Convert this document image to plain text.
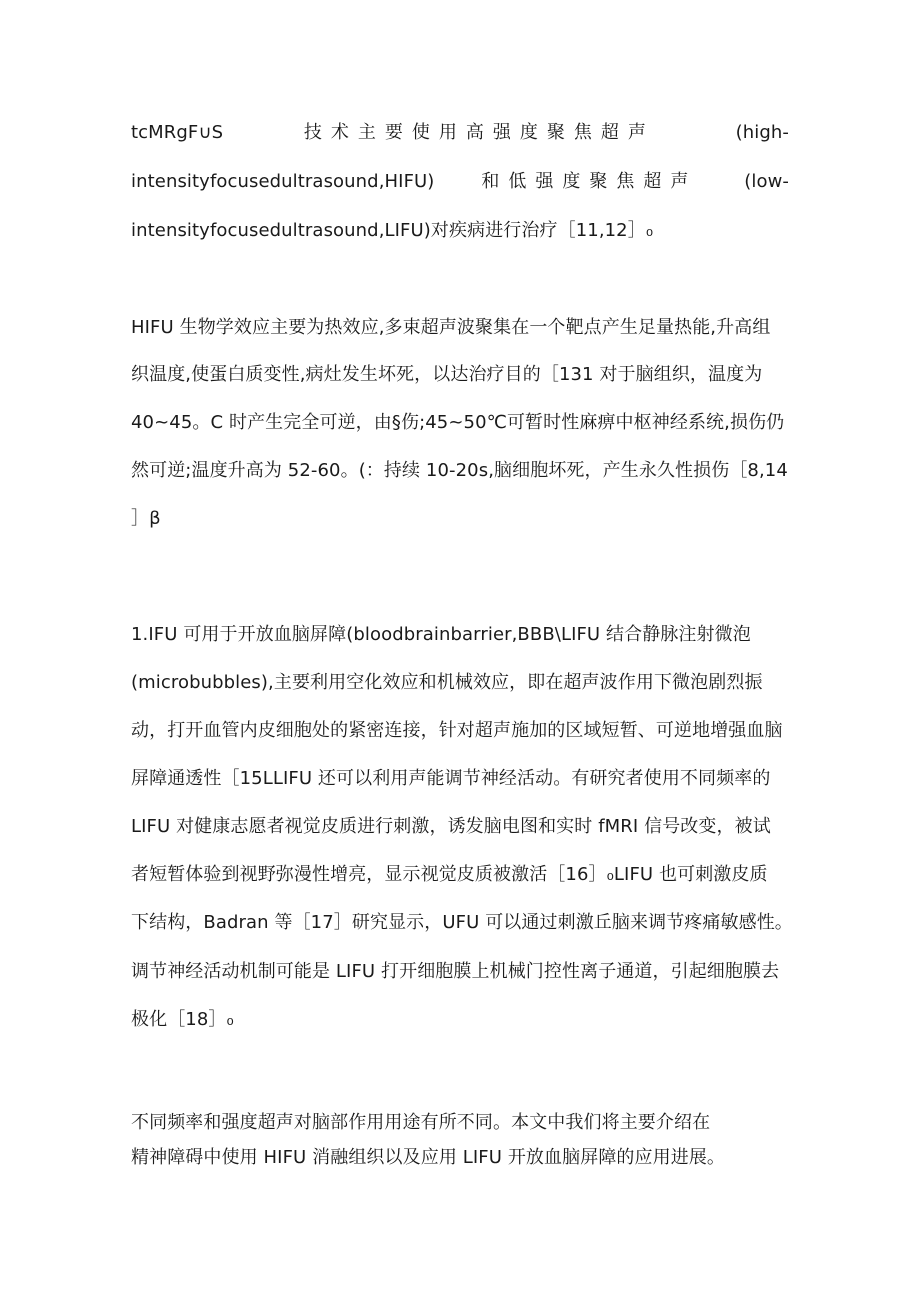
tcMRgF∪S	技术主要使用高强度聚焦超声	(high-
intensityfocusedultrasound,HIFU)	和低强度聚焦超声	(low-
intensityfocusedultrasound,LIFU)对疾病进行治疗［11,12］₀
HIFU 生物学效应主要为热效应,多束超声波聚集在一个靶点产生足量热能,升高组
织温度,使蛋白质变性,病灶发生坏死，以达治疗目的［131 对于脑组织，温度为
40~45。C 时产生完全可逆，由§伤;45~50℃可暂时性麻痹中枢神经系统,损伤仍
然可逆;温度升高为 52-60。(：持续 10-20s,脑细胞坏死，产生永久性损伤［8,14
］β
1.IFU 可用于开放血脑屏障(bloodbrainbarrier,BBB\LIFU 结合静脉注射微泡
(microbubbles),主要利用空化效应和机械效应，即在超声波作用下微泡剧烈振
动，打开血管内皮细胞处的紧密连接，针对超声施加的区域短暂、可逆地增强血脑
屏障通透性［15LLIFU 还可以利用声能调节神经活动。有研究者使用不同频率的
LIFU 对健康志愿者视觉皮质进行刺激，诱发脑电图和实时 fMRI 信号改变，被试
者短暂体验到视野弥漫性增亮，显示视觉皮质被激活［16］₀LIFU 也可刺激皮质
下结构，Badran 等［17］研究显示，UFU 可以通过刺激丘脑来调节疼痛敏感性。
调节神经活动机制可能是 LIFU 打开细胞膜上机械门控性离子通道，引起细胞膜去
极化［18］₀
不同频率和强度超声对脑部作用用途有所不同。本文中我们将主要介绍在
精神障碍中使用 HIFU 消融组织以及应用 LIFU 开放血脑屏障的应用进展。
